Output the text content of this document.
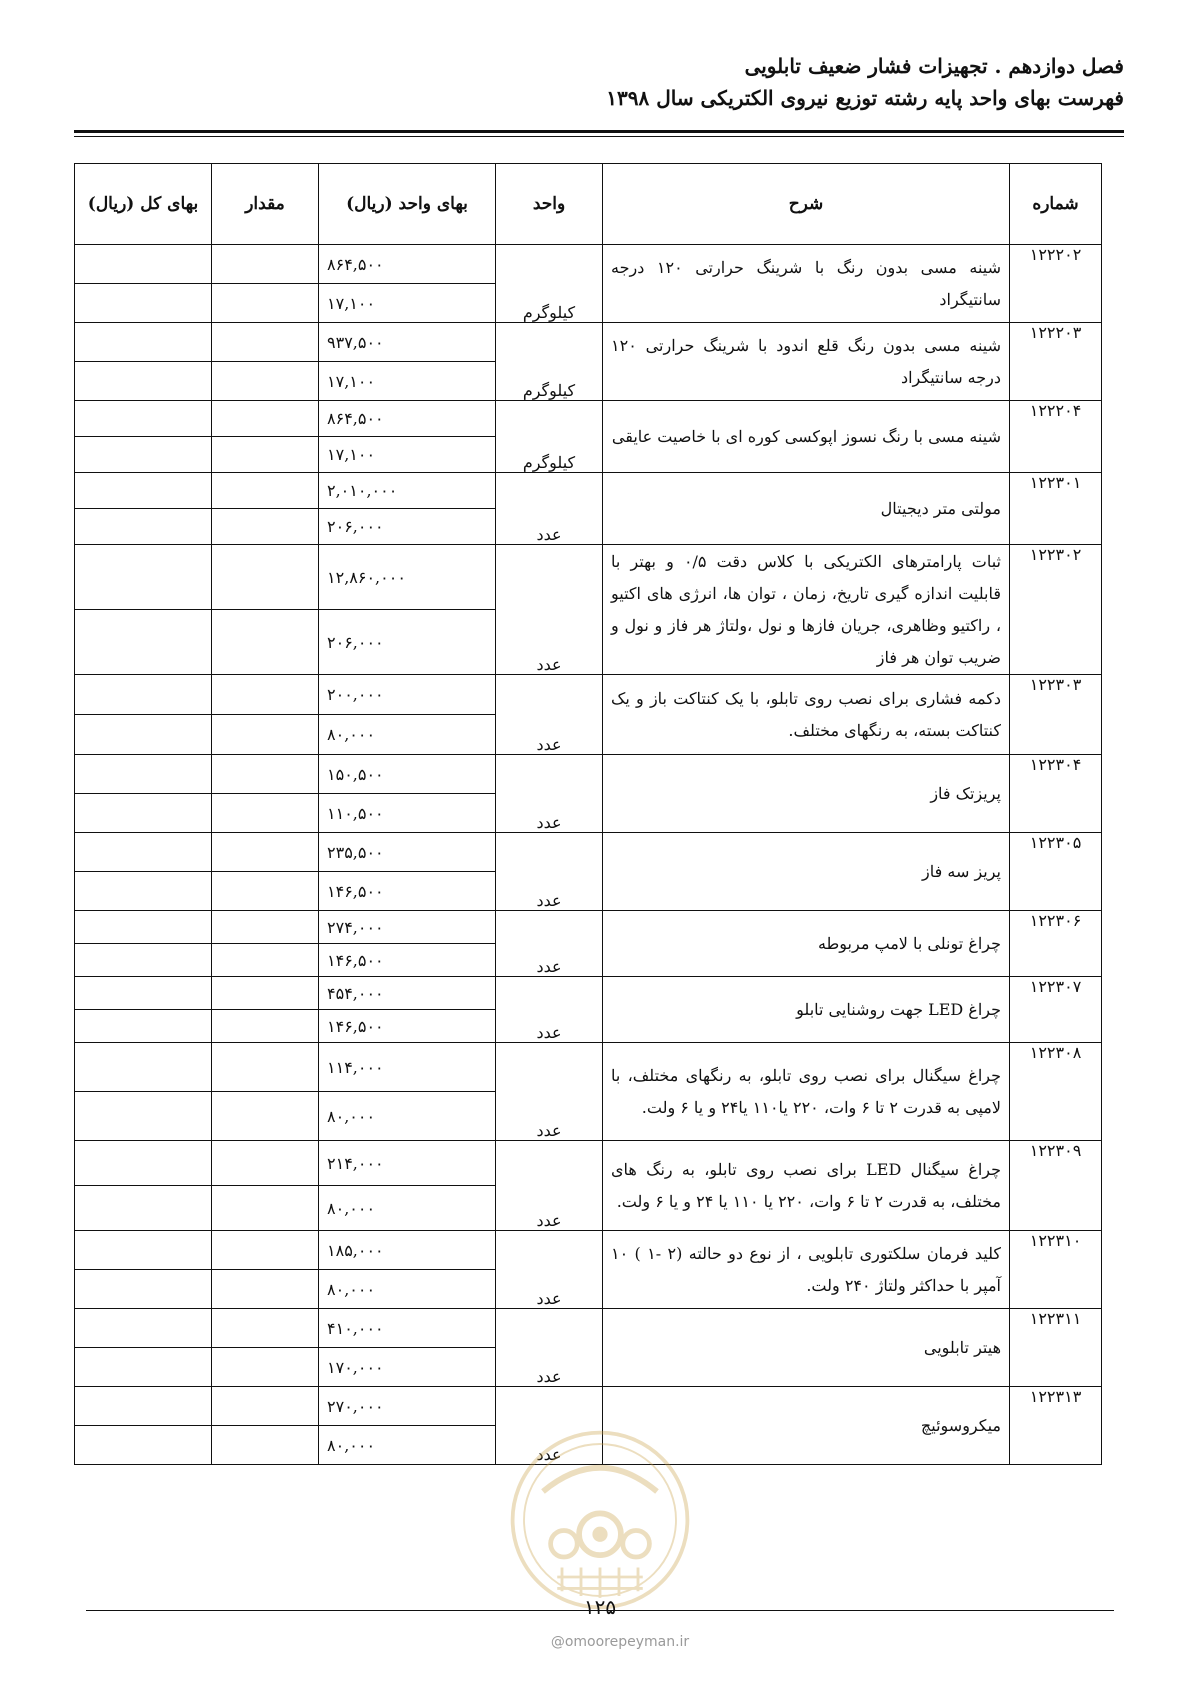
فصل دوازدهم . تجهیزات فشار ضعیف تابلویی
فهرست بهای واحد پایه رشته توزیع نیروی الکتریکی سال ۱۳۹۸
شماره	شرح	واحد	بهای واحد (ریال)	مقدار	بهای کل (ریال)
۱۲۲۲۰۲	شینه مسی بدون رنگ با شرینگ حرارتی ۱۲۰ درجه سانتیگراد	کیلوگرم	۸۶۴,۵۰۰		
			۱۷,۱۰۰		
۱۲۲۲۰۳	شینه مسی بدون رنگ قلع اندود با شرینگ حرارتی ۱۲۰ درجه سانتیگراد	کیلوگرم	۹۳۷,۵۰۰		
			۱۷,۱۰۰		
۱۲۲۲۰۴	شینه مسی با رنگ نسوز اپوکسی کوره ای با خاصیت عایقی	کیلوگرم	۸۶۴,۵۰۰		
			۱۷,۱۰۰		
۱۲۲۳۰۱	مولتی متر دیجیتال	عدد	۲,۰۱۰,۰۰۰		
			۲۰۶,۰۰۰		
۱۲۲۳۰۲	ثبات پارامترهای الکتریکی با کلاس دقت ۰/۵ و بهتر با قابلیت اندازه گیری تاریخ، زمان ، توان ها، انرژی های اکتیو ، راکتیو وظاهری، جریان فازها و نول ،ولتاژ هر فاز و نول و ضریب توان هر فاز	عدد	۱۲,۸۶۰,۰۰۰		
			۲۰۶,۰۰۰		
۱۲۲۳۰۳	دکمه فشاری برای نصب روی تابلو، با یک کنتاکت باز و یک کنتاکت بسته، به رنگهای مختلف.	عدد	۲۰۰,۰۰۰		
			۸۰,۰۰۰		
۱۲۲۳۰۴	پریزتک فاز	عدد	۱۵۰,۵۰۰		
			۱۱۰,۵۰۰		
۱۲۲۳۰۵	پریز سه فاز	عدد	۲۳۵,۵۰۰		
			۱۴۶,۵۰۰		
۱۲۲۳۰۶	چراغ تونلی با لامپ مربوطه	عدد	۲۷۴,۰۰۰		
			۱۴۶,۵۰۰		
۱۲۲۳۰۷	چراغ LED جهت روشنایی تابلو	عدد	۴۵۴,۰۰۰		
			۱۴۶,۵۰۰		
۱۲۲۳۰۸	چراغ سیگنال برای نصب روی تابلو، به رنگهای مختلف، با لامپی به قدرت ۲ تا ۶ وات، ۲۲۰ یا۱۱۰ یا۲۴ و یا ۶ ولت.	عدد	۱۱۴,۰۰۰		
			۸۰,۰۰۰		
۱۲۲۳۰۹	چراغ سیگنال LED برای نصب روی تابلو، به رنگ های مختلف، به قدرت ۲ تا ۶ وات، ۲۲۰ یا ۱۱۰ یا ۲۴ و یا ۶ ولت.	عدد	۲۱۴,۰۰۰		
			۸۰,۰۰۰		
۱۲۲۳۱۰	کلید فرمان سلکتوری تابلویی ، از نوع دو حالته (۲ -۱ ) ۱۰ آمپر با حداکثر ولتاژ ۲۴۰ ولت.	عدد	۱۸۵,۰۰۰		
			۸۰,۰۰۰		
۱۲۲۳۱۱	هیتر تابلویی	عدد	۴۱۰,۰۰۰		
			۱۷۰,۰۰۰		
۱۲۲۳۱۳	میکروسوئیچ	عدد	۲۷۰,۰۰۰		
			۸۰,۰۰۰		
۱۲۵
@omoorepeyman.ir
